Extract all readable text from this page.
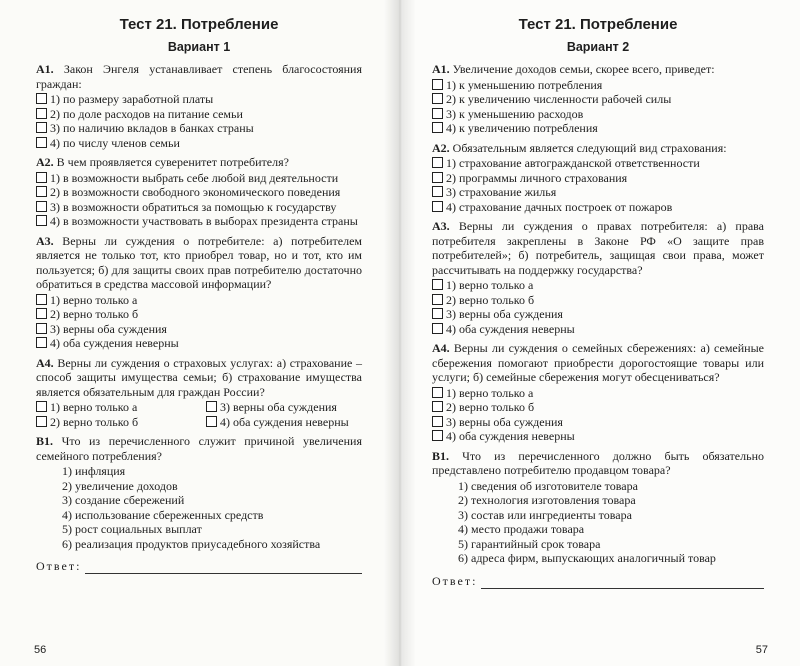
Тест 21. Потребление
Вариант 1
А1. Закон Энгеля устанавливает степень благосостояния граждан:
1) по размеру заработной платы
2) по доле расходов на питание семьи
3) по наличию вкладов в банках страны
4) по числу членов семьи
А2. В чем проявляется суверенитет потребителя?
1) в возможности выбрать себе любой вид деятельности
2) в возможности свободного экономического поведения
3) в возможности обратиться за помощью к государству
4) в возможности участвовать в выборах президента страны
А3. Верны ли суждения о потребителе: а) потребителем является не только тот, кто приобрел товар, но и тот, кто им пользуется; б) для защиты своих прав потребителю достаточно обратиться в средства массовой информации?
1) верно только а
2) верно только б
3) верны оба суждения
4) оба суждения неверны
А4. Верны ли суждения о страховых услугах: а) страхование – способ защиты имущества семьи; б) страхование имущества является обязательным для граждан России?
1) верно только а	3) верны оба суждения
2) верно только б	4) оба суждения неверны
В1. Что из перечисленного служит причиной увеличения семейного потребления?
1) инфляция
2) увеличение доходов
3) создание сбережений
4) использование сбереженных средств
5) рост социальных выплат
6) реализация продуктов приусадебного хозяйства
Ответ:
56
Тест 21. Потребление
Вариант 2
А1. Увеличение доходов семьи, скорее всего, приведет:
1) к уменьшению потребления
2) к увеличению численности рабочей силы
3) к уменьшению расходов
4) к увеличению потребления
А2. Обязательным является следующий вид страхования:
1) страхование автогражданской ответственности
2) программы личного страхования
3) страхование жилья
4) страхование дачных построек от пожаров
А3. Верны ли суждения о правах потребителя: а) права потребителя закреплены в Законе РФ «О защите прав потребителей»; б) потребитель, защищая свои права, может рассчитывать на поддержку государства?
1) верно только а
2) верно только б
3) верны оба суждения
4) оба суждения неверны
А4. Верны ли суждения о семейных сбережениях: а) семейные сбережения помогают приобрести дорогостоящие товары или услуги; б) семейные сбережения могут обесцениваться?
1) верно только а
2) верно только б
3) верны оба суждения
4) оба суждения неверны
В1. Что из перечисленного должно быть обязательно представлено потребителю продавцом товара?
1) сведения об изготовителе товара
2) технология изготовления товара
3) состав или ингредиенты товара
4) место продажи товара
5) гарантийный срок товара
6) адреса фирм, выпускающих аналогичный товар
Ответ:
57
